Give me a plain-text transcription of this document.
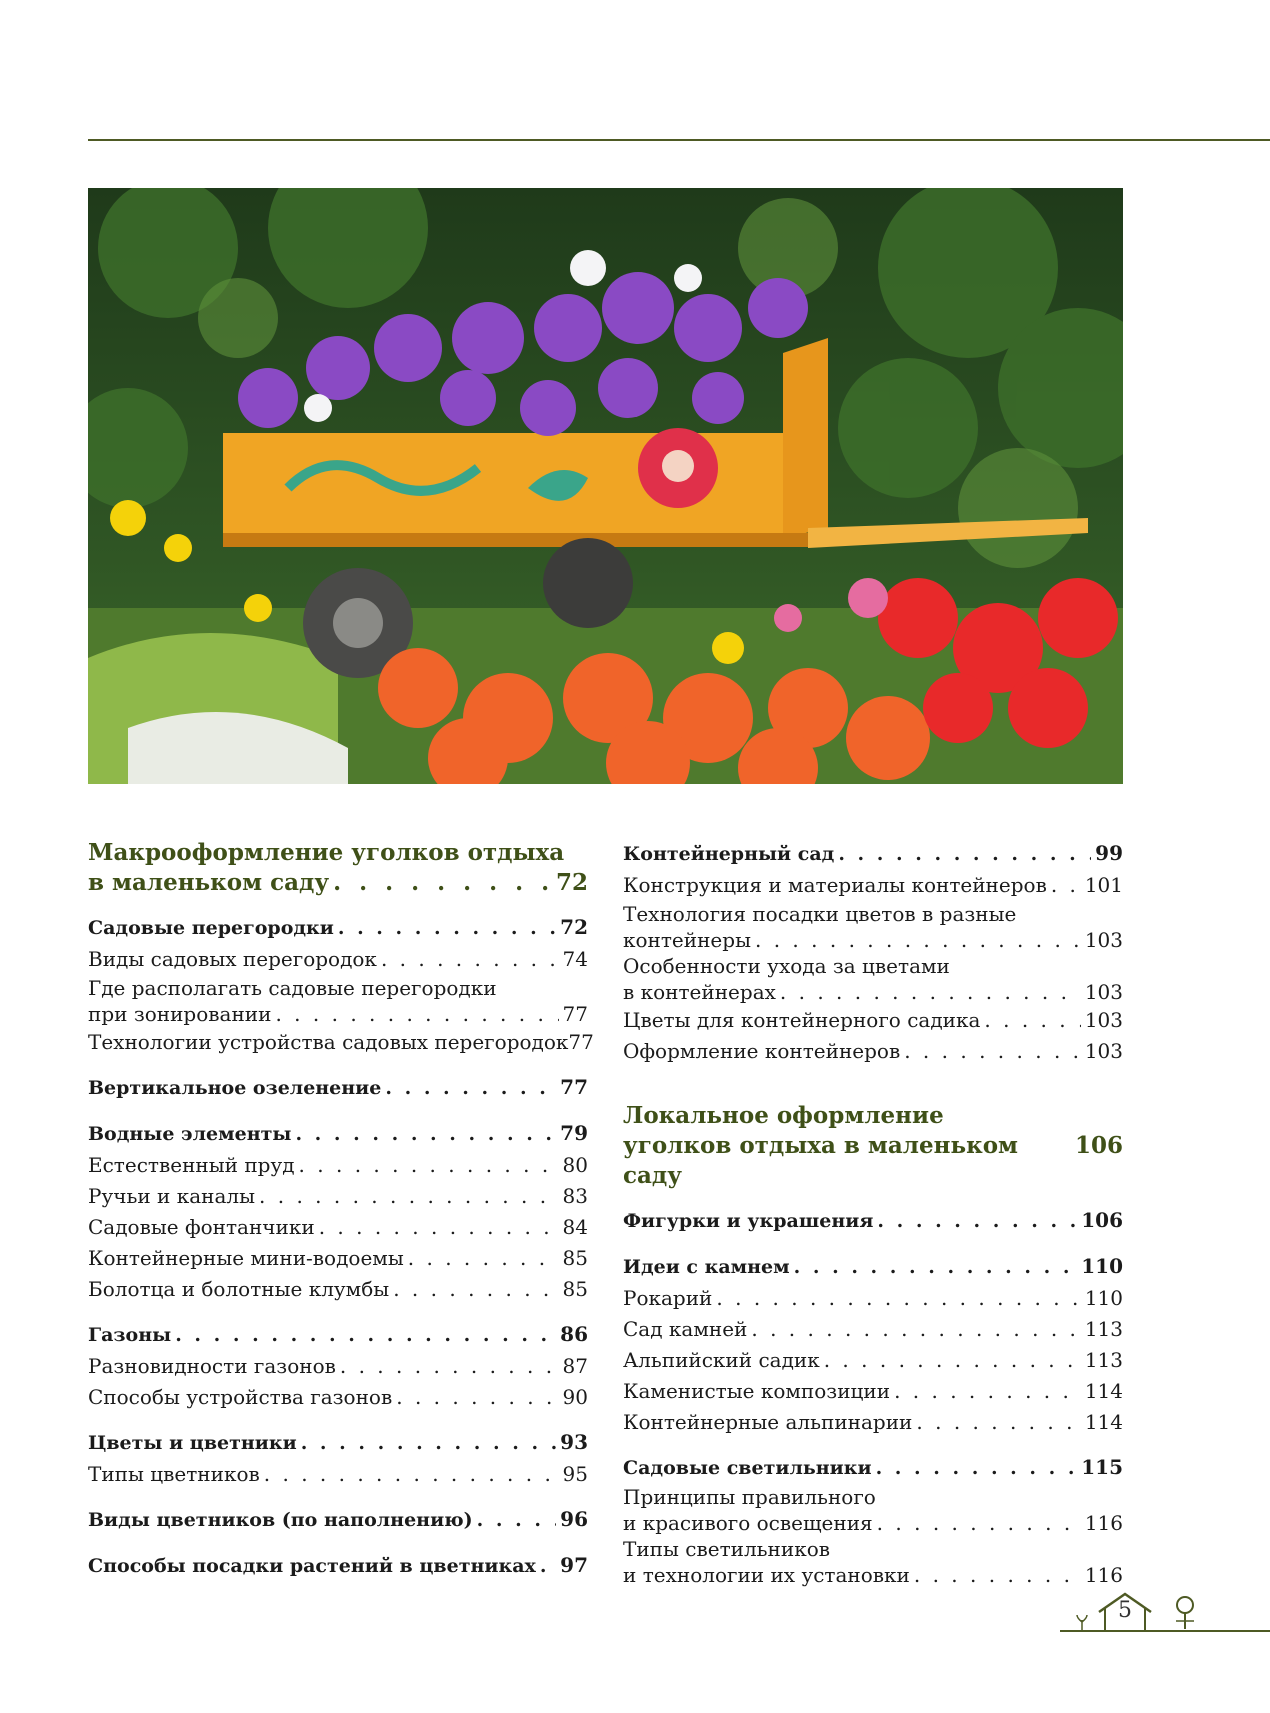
Макрооформление уголков отдыха
в маленьком саду . . .	72
Садовые перегородки . . .	72
Виды садовых перегородок . . .	74
Где располагать садовые перегородки
при зонировании . . .	77
Технологии устройства садовых перегородок 77
Вертикальное озеленение . . .	77
Водные элементы . . .	79
Естественный пруд . . .	80
Ручьи и каналы . . .	83
Садовые фонтанчики . . .	84
Контейнерные мини-водоемы . . .	85
Болотца и болотные клумбы . . .	85
Газоны . . .	86
Разновидности газонов . . .	87
Способы устройства газонов . . .	90
Цветы и цветники . . .	93
Типы цветников . . .	95
Виды цветников (по наполнению) . . .	96
Способы посадки растений в цветниках . . . 97
Контейнерный сад . . .	99
Конструкция и материалы контейнеров . . . 101
Технология посадки цветов в разные
контейнеры . . .	103
Особенности ухода за цветами
в контейнерах . . .	103
Цветы для контейнерного садика . . .	103
Оформление контейнеров . . .	103
Локальное оформление
уголков отдыха в маленьком саду
106
Фигурки и украшения . . .	106
Идеи с камнем . . .	110
Рокарий . . .	110
Сад камней . . .	113
Альпийский садик . . .	113
Каменистые композиции . . .	114
Контейнерные альпинарии . . .	114
Садовые светильники . . .	115
Принципы правильного
и красивого освещения . . .	116
Типы светильников
и технологии их установки . . .	116
5
